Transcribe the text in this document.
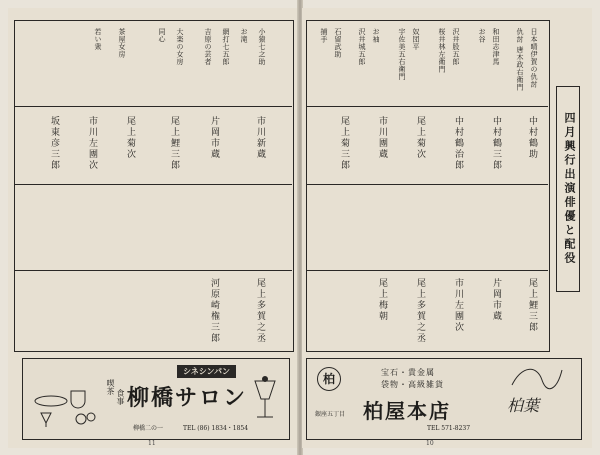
小猿七之助
お滝
網打七五郎
吉原の芸者
大楽の女房
同心
茶屋女房
若い衆
市川新蔵
片岡市蔵
尾上鯉三郎
尾上菊次
市川左團次
坂東彦三郎
尾上多賀之丞
河原崎権三郎
シネシンパン
柳橋サロン
喫茶
食事
柳橋二の一	TEL (86) 1834・1854
11
四月興行出演俳優と配役
日本晴伊賀の仇討
仇討 唐木政右衛門
和田志津馬
お谷
沢井股五郎
桜井林左衛門
奴団平
宇佐美五右衛門
お袖
沢井城五郎
石留武助
捕手
中村鶴助
中村鶴三郎
中村鶴治郎
尾上菊次
市川團蔵
尾上菊三郎
尾上鯉三郎
片岡市蔵
市川左團次
尾上多賀之丞
尾上梅朝
柏	宝石・貴金属
袋物・高級雑貨
柏屋本店
銀座五丁目
TEL 571-8237
柏葉
10
